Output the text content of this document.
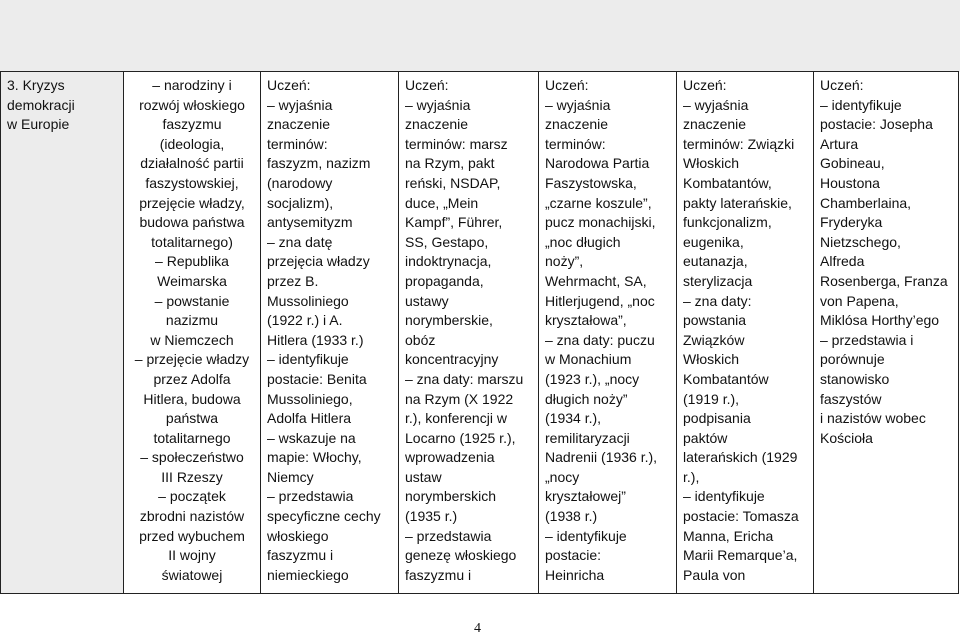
3. Kryzys
demokracji
w Europie

– narodziny i
rozwój włoskiego
faszyzmu
(ideologia,
działalność partii
faszystowskiej,
przejęcie władzy,
budowa państwa
totalitarnego)
– Republika
Weimarska
– powstanie
nazizmu
w Niemczech
– przejęcie władzy
przez Adolfa
Hitlera, budowa
państwa
totalitarnego
– społeczeństwo
III Rzeszy
– początek
zbrodni nazistów
przed wybuchem
II wojny
światowej

Uczeń:
– wyjaśnia
znaczenie
terminów:
faszyzm, nazizm
(narodowy
socjalizm),
antysemityzm
– zna datę
przejęcia władzy
przez B.
Mussoliniego
(1922 r.) i A.
Hitlera (1933 r.)
– identyfikuje
postacie: Benita
Mussoliniego,
Adolfa Hitlera
– wskazuje na
mapie: Włochy,
Niemcy
– przedstawia
specyficzne cechy
włoskiego
faszyzmu i
niemieckiego

Uczeń:
– wyjaśnia
znaczenie
terminów: marsz
na Rzym, pakt
reński, NSDAP,
duce, „Mein
Kampf”, Führer,
SS, Gestapo,
indoktrynacja,
propaganda,
ustawy
norymberskie,
obóz
koncentracyjny
– zna daty: marszu
na Rzym (X 1922
r.), konferencji w
Locarno (1925 r.),
wprowadzenia
ustaw
norymberskich
(1935 r.)
– przedstawia
genezę włoskiego
faszyzmu i

Uczeń:
– wyjaśnia
znaczenie
terminów:
Narodowa Partia
Faszystowska,
„czarne koszule”,
pucz monachijski,
„noc długich
noży”,
Wehrmacht, SA,
Hitlerjugend, „noc
kryształowa”,
– zna daty: puczu
w Monachium
(1923 r.), „nocy
długich noży”
(1934 r.),
remilitaryzacji
Nadrenii (1936 r.),
„nocy
kryształowej”
(1938 r.)
– identyfikuje
postacie:
Heinricha

Uczeń:
– wyjaśnia
znaczenie
terminów: Związki
Włoskich
Kombatantów,
pakty laterańskie,
funkcjonalizm,
eugenika,
eutanazja,
sterylizacja
– zna daty:
powstania
Związków
Włoskich
Kombatantów
(1919 r.),
podpisania
paktów
laterańskich (1929
r.),
– identyfikuje
postacie: Tomasza
Manna, Ericha
Marii Remarque’a,
Paula von

Uczeń:
– identyfikuje
postacie: Josepha
Artura
Gobineau,
Houstona
Chamberlaina,
Fryderyka
Nietzschego,
Alfreda
Rosenberga, Franza
von Papena,
Miklósa Horthy’ego
– przedstawia i
porównuje
stanowisko
faszystów
i nazistów wobec
Kościoła
4
